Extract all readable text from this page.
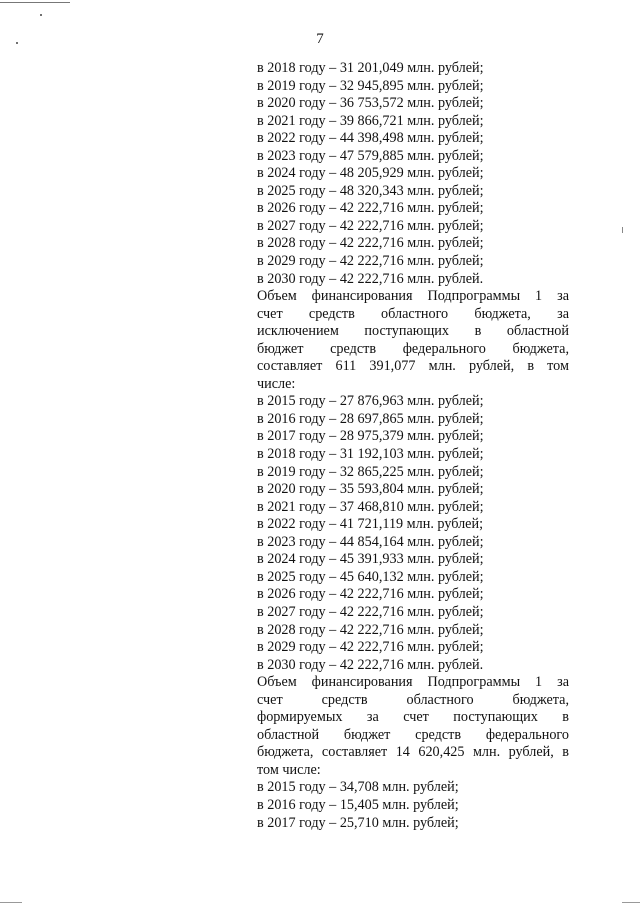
7
в 2018 году – 31 201,049 млн. рублей;
в 2019 году – 32 945,895 млн. рублей;
в 2020 году – 36 753,572 млн. рублей;
в 2021 году – 39 866,721 млн. рублей;
в 2022 году – 44 398,498 млн. рублей;
в 2023 году – 47 579,885 млн. рублей;
в 2024 году – 48 205,929 млн. рублей;
в 2025 году – 48 320,343 млн. рублей;
в 2026 году – 42 222,716 млн. рублей;
в 2027 году – 42 222,716 млн. рублей;
в 2028 году – 42 222,716 млн. рублей;
в 2029 году – 42 222,716 млн. рублей;
в 2030 году – 42 222,716 млн. рублей.
Объем финансирования Подпрограммы 1 за
счет средств областного бюджета, за
исключением поступающих в областной
бюджет средств федерального бюджета,
составляет 611 391,077 млн. рублей, в том
числе:
в 2015 году – 27 876,963 млн. рублей;
в 2016 году – 28 697,865 млн. рублей;
в 2017 году – 28 975,379 млн. рублей;
в 2018 году – 31 192,103 млн. рублей;
в 2019 году – 32 865,225 млн. рублей;
в 2020 году – 35 593,804 млн. рублей;
в 2021 году – 37 468,810 млн. рублей;
в 2022 году – 41 721,119 млн. рублей;
в 2023 году – 44 854,164 млн. рублей;
в 2024 году – 45 391,933 млн. рублей;
в 2025 году – 45 640,132 млн. рублей;
в 2026 году – 42 222,716 млн. рублей;
в 2027 году – 42 222,716 млн. рублей;
в 2028 году – 42 222,716 млн. рублей;
в 2029 году – 42 222,716 млн. рублей;
в 2030 году – 42 222,716 млн. рублей.
Объем финансирования Подпрограммы 1 за
счет средств областного бюджета,
формируемых за счет поступающих в
областной бюджет средств федерального
бюджета, составляет 14 620,425 млн. рублей, в
том числе:
в 2015 году – 34,708 млн. рублей;
в 2016 году – 15,405 млн. рублей;
в 2017 году – 25,710 млн. рублей;
